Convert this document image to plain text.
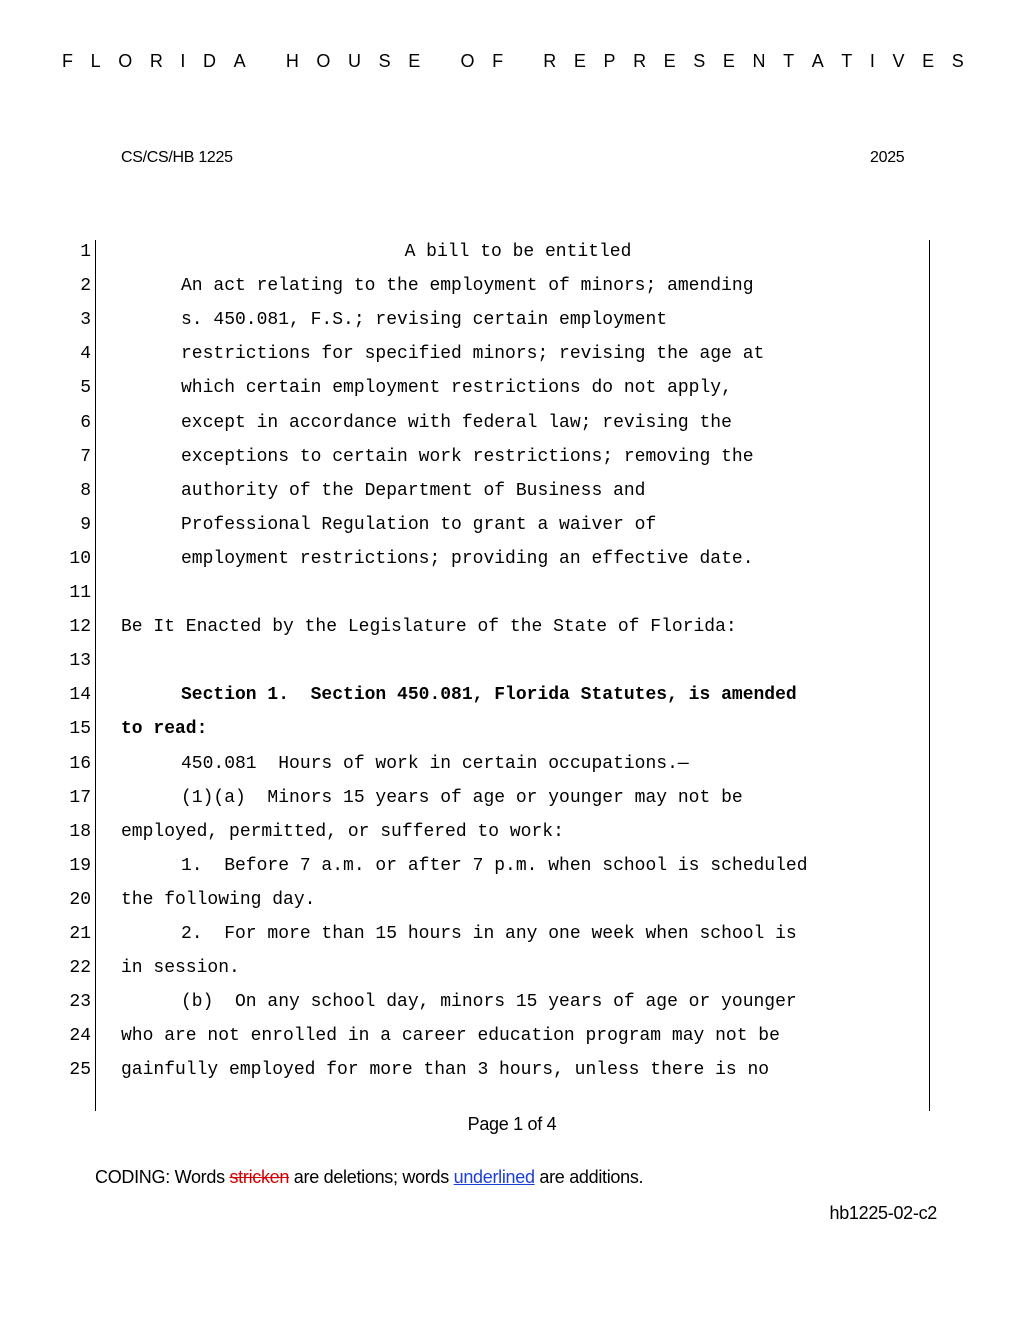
F L O R I D A
H O U S E
O F
R E P R E S E N T A T I V E S
CS/CS/HB 1225	2025
1	A bill to be entitled
2	An act relating to the employment of minors; amending
3	s. 450.081, F.S.; revising certain employment
4	restrictions for specified minors; revising the age at
5	which certain employment restrictions do not apply,
6	except in accordance with federal law; revising the
7	exceptions to certain work restrictions; removing the
8	authority of the Department of Business and
9	Professional Regulation to grant a waiver of
10	employment restrictions; providing an effective date.
11
12 Be It Enacted by the Legislature of the State of Florida:
13
14	Section 1.  Section 450.081, Florida Statutes, is amended
15 to read:
16	450.081  Hours of work in certain occupations.—
17	(1)(a)  Minors 15 years of age or younger may not be
18 employed, permitted, or suffered to work:
19	1.  Before 7 a.m. or after 7 p.m. when school is scheduled
20 the following day.
21	2.  For more than 15 hours in any one week when school is
22 in session.
23	(b)  On any school day, minors 15 years of age or younger
24 who are not enrolled in a career education program may not be
25 gainfully employed for more than 3 hours, unless there is no
Page 1 of 4
CODING: Words stricken are deletions; words underlined are additions.
hb1225-02-c2
